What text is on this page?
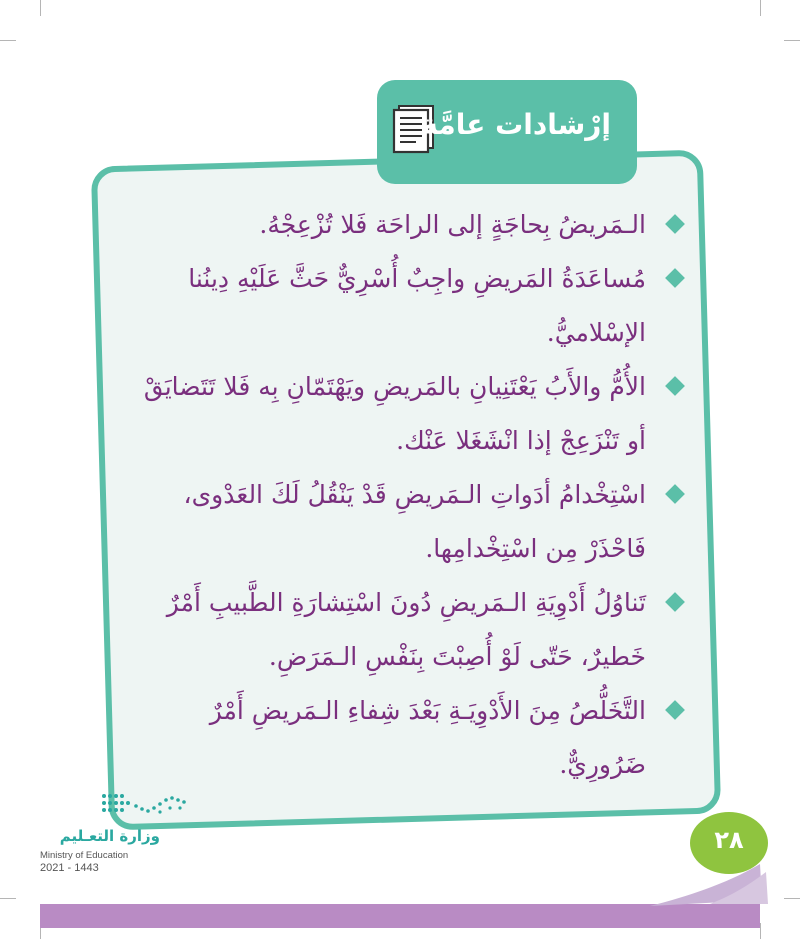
إرْشادات عامَّة
الـمَريضُ بِحاجَةٍ إلى الراحَة فَلا تُزْعِجْهُ.
مُساعَدَةُ المَريضِ واجِبٌ أُسْرِيٌّ حَثَّ عَلَيْهِ دِينُنا الإسْلاميُّ.
الأُمُّ والأَبُ يَعْتَنِيانِ بالمَريضِ ويَهْتَمّانِ بِه فَلا تَتَضايَقْ أو تَنْزَعِجْ إذا انْشَغَلا عَنْك.
اسْتِخْدامُ أدَواتِ الـمَريضِ قَدْ يَنْقُلُ لَكَ العَدْوى، فَاحْذَرْ مِن اسْتِخْدامِها.
تَناوُلُ أَدْوِيَةِ الـمَريضِ دُونَ اسْتِشارَةِ الطَّبيبِ أَمْرٌ خَطيرٌ، حَتّى لَوْ أُصِبْتَ بِنَفْسِ الـمَرَضِ.
التَّخَلُّصُ مِنَ الأَدْوِيَـةِ بَعْدَ شِفاءِ الـمَريضِ أَمْرٌ ضَرُورِيٌّ.
وزارة التعـليم
Ministry of Education
2021 - 1443
٢٨
